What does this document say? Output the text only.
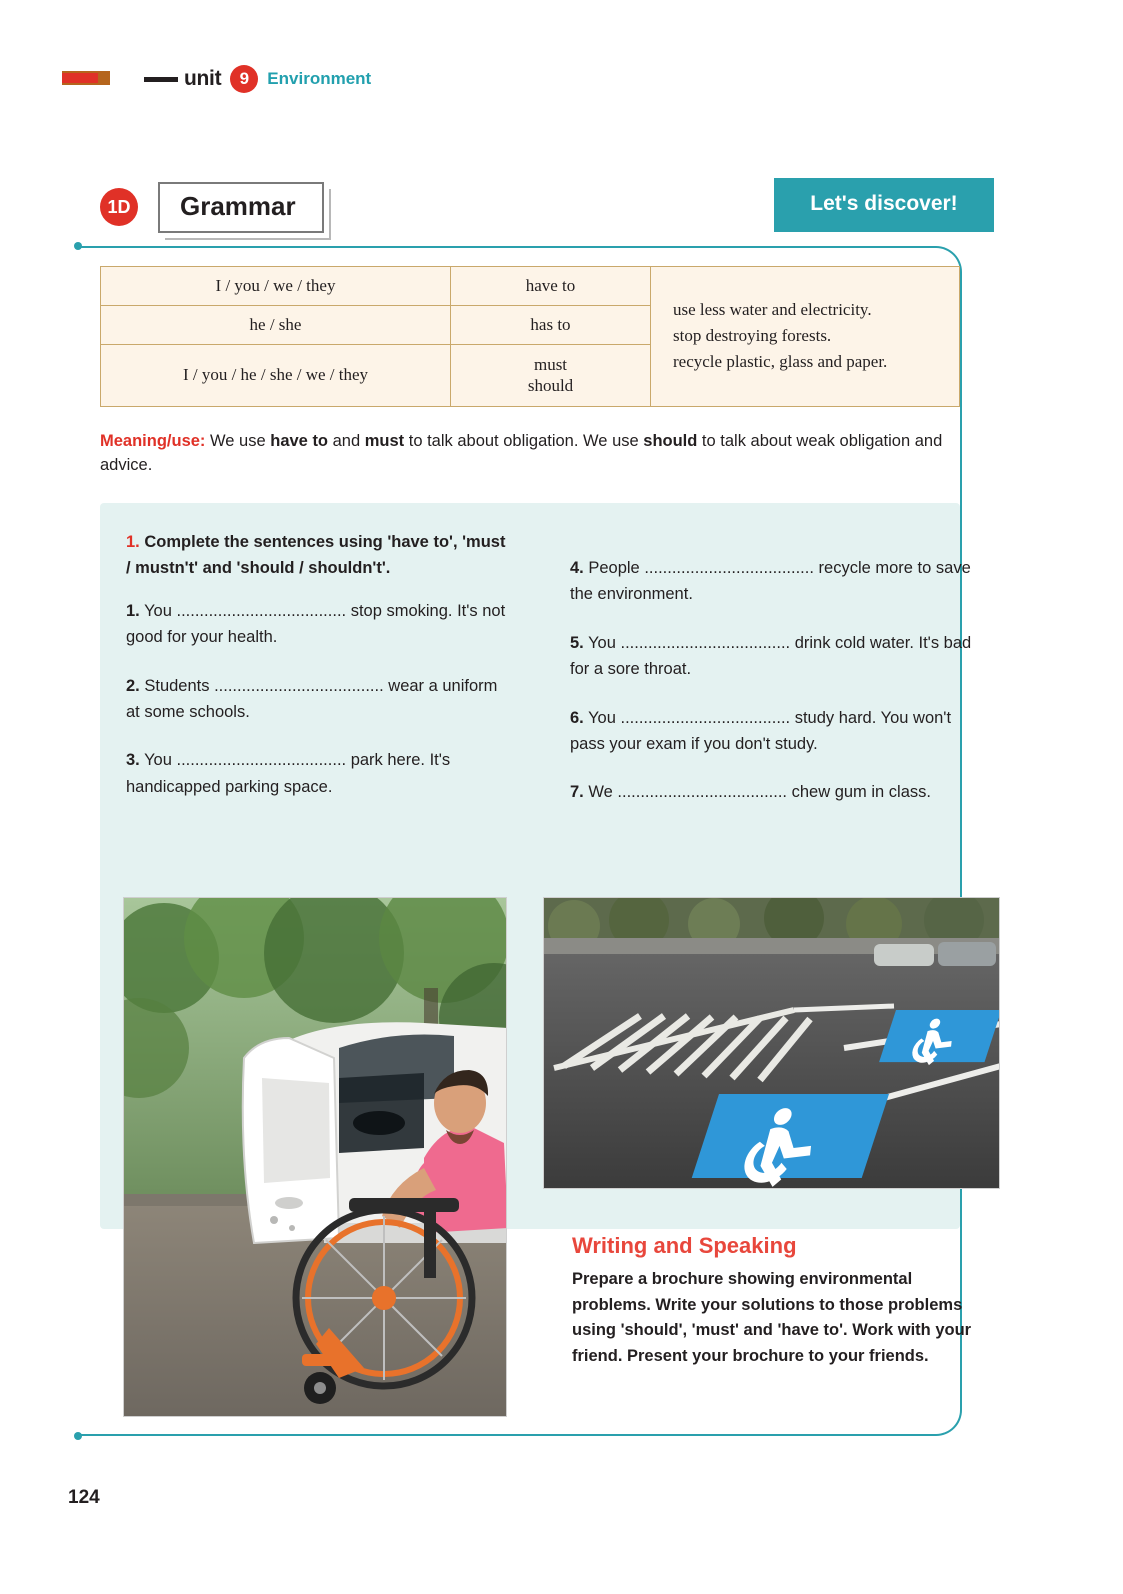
unit	9	Environment
1D	Grammar	Let's discover!
I / you / we / they	have to	use less water and electricity.
stop destroying forests.
recycle plastic, glass and paper.

he / she	has to	
I / you / he / she / we / they	must
should	
Meaning/use: We use have to and must to talk about obligation. We use should to talk about weak obligation and advice.
1. Complete the sentences using 'have to', 'must / mustn't' and 'should / shouldn't'.
1. You ..................................... stop smoking. It's not good for your health.
2. Students ..................................... wear a uniform at some schools.
3. You ..................................... park here. It's handicapped parking space.
4. People ..................................... recycle more to save the environment.
5. You ..................................... drink cold water. It's bad for a sore throat.
6. You ..................................... study hard. You won't pass your exam if you don't study.
7. We ..................................... chew gum in class.
Writing and Speaking

Prepare a brochure showing environmental problems. Write your solutions to those problems using 'should', 'must' and 'have to'. Work with your friend. Present your brochure to your friends.

124
